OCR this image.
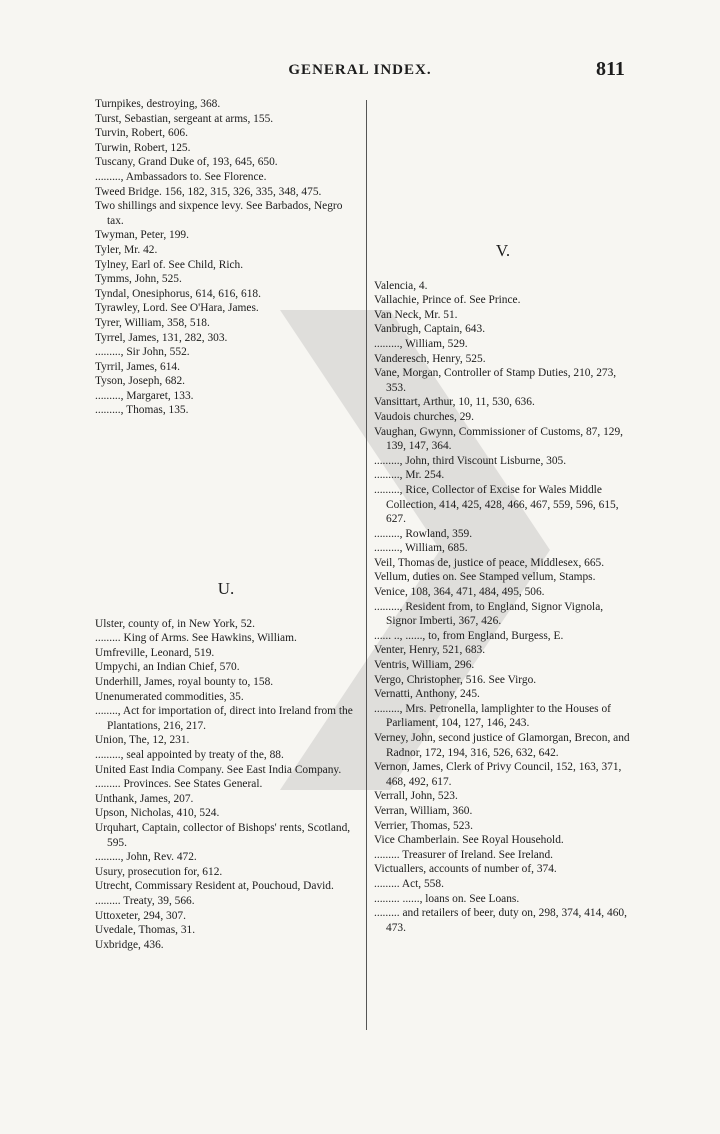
GENERAL INDEX.	811
Turnpikes, destroying, 368.
Turst, Sebastian, sergeant at arms, 155.
Turvin, Robert, 606.
Turwin, Robert, 125.
Tuscany, Grand Duke of, 193, 645, 650.
........., Ambassadors to. See Florence.
Tweed Bridge. 156, 182, 315, 326, 335, 348, 475.
Two shillings and sixpence levy. See Barbados, Negro tax.
Twyman, Peter, 199.
Tyler, Mr. 42.
Tylney, Earl of. See Child, Rich.
Tymms, John, 525.
Tyndal, Onesiphorus, 614, 616, 618.
Tyrawley, Lord. See O'Hara, James.
Tyrer, William, 358, 518.
Tyrrel, James, 131, 282, 303.
........., Sir John, 552.
Tyrril, James, 614.
Tyson, Joseph, 682.
........., Margaret, 133.
........., Thomas, 135.
U.
Ulster, county of, in New York, 52.
......... King of Arms. See Hawkins, William.
Umfreville, Leonard, 519.
Umpychi, an Indian Chief, 570.
Underhill, James, royal bounty to, 158.
Unenumerated commodities, 35.
........, Act for importation of, direct into Ireland from the Plantations, 216, 217.
Union, The, 12, 231.
........., seal appointed by treaty of the, 88.
United East India Company. See East India Company.
......... Provinces. See States General.
Unthank, James, 207.
Upson, Nicholas, 410, 524.
Urquhart, Captain, collector of Bishops' rents, Scotland, 595.
........., John, Rev. 472.
Usury, prosecution for, 612.
Utrecht, Commissary Resident at, Pouchoud, David.
......... Treaty, 39, 566.
Uttoxeter, 294, 307.
Uvedale, Thomas, 31.
Uxbridge, 436.
V.
Valencia, 4.
Vallachie, Prince of. See Prince.
Van Neck, Mr. 51.
Vanbrugh, Captain, 643.
........., William, 529.
Vanderesch, Henry, 525.
Vane, Morgan, Controller of Stamp Duties, 210, 273, 353.
Vansittart, Arthur, 10, 11, 530, 636.
Vaudois churches, 29.
Vaughan, Gwynn, Commissioner of Customs, 87, 129, 139, 147, 364.
........., John, third Viscount Lisburne, 305.
........., Mr. 254.
........., Rice, Collector of Excise for Wales Middle Collection, 414, 425, 428, 466, 467, 559, 596, 615, 627.
........., Rowland, 359.
........., William, 685.
Veil, Thomas de, justice of peace, Middlesex, 665.
Vellum, duties on. See Stamped vellum, Stamps.
Venice, 108, 364, 471, 484, 495, 506.
........., Resident from, to England, Signor Vignola, Signor Imberti, 367, 426.
...... .., ......, to, from England, Burgess, E.
Venter, Henry, 521, 683.
Ventris, William, 296.
Vergo, Christopher, 516. See Virgo.
Vernatti, Anthony, 245.
........., Mrs. Petronella, lamplighter to the Houses of Parliament, 104, 127, 146, 243.
Verney, John, second justice of Glamorgan, Brecon, and Radnor, 172, 194, 316, 526, 632, 642.
Vernon, James, Clerk of Privy Council, 152, 163, 371, 468, 492, 617.
Verrall, John, 523.
Verran, William, 360.
Verrier, Thomas, 523.
Vice Chamberlain. See Royal Household.
......... Treasurer of Ireland. See Ireland.
Victuallers, accounts of number of, 374.
......... Act, 558.
......... ......, loans on. See Loans.
......... and retailers of beer, duty on, 298, 374, 414, 460, 473.
